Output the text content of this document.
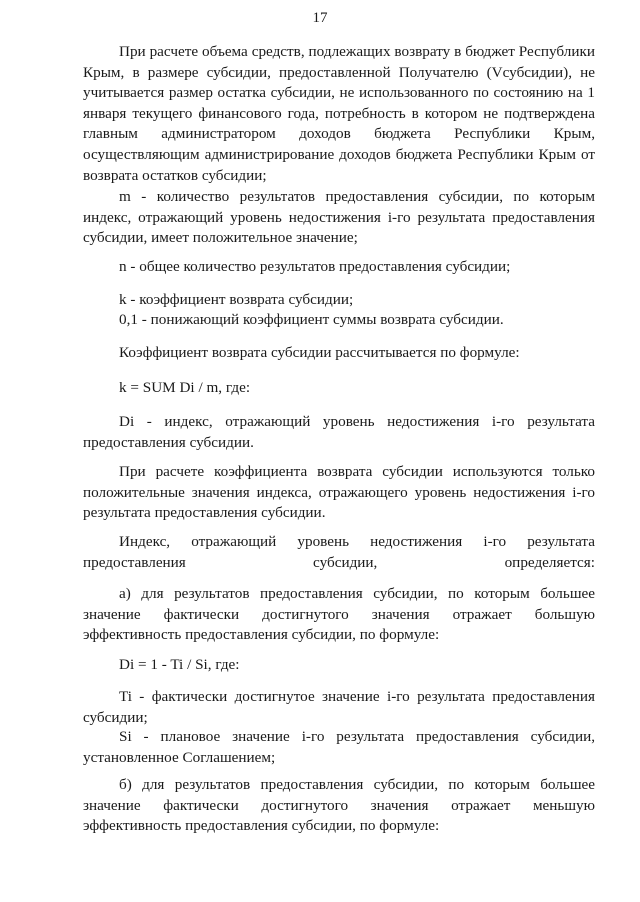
17
При расчете объема средств, подлежащих возврату в бюджет Республики Крым, в размере субсидии, предоставленной Получателю (Vсубсидии), не учитывается размер остатка субсидии, не использованного по состоянию на 1 января текущего финансового года, потребность в котором не подтверждена главным администратором доходов бюджета Республики Крым, осуществляющим администрирование доходов бюджета Республики Крым от возврата остатков субсидии;
m - количество результатов предоставления субсидии, по которым индекс, отражающий уровень недостижения i-го результата предоставления субсидии, имеет положительное значение;
n - общее количество результатов предоставления субсидии;
k - коэффициент возврата субсидии;
0,1 - понижающий коэффициент суммы возврата субсидии.
Коэффициент возврата субсидии рассчитывается по формуле:
k = SUM Di / m, где:
Di - индекс, отражающий уровень недостижения i-го результата предоставления субсидии.
При расчете коэффициента возврата субсидии используются только положительные значения индекса, отражающего уровень недостижения i-го результата предоставления субсидии.
Индекс, отражающий уровень недостижения i-го результата предоставления субсидии, определяется:
а) для результатов предоставления субсидии, по которым большее значение фактически достигнутого значения отражает большую эффективность предоставления субсидии, по формуле:
Di = 1 - Ti / Si, где:
Ti - фактически достигнутое значение i-го результата предоставления субсидии;
Si - плановое значение i-го результата предоставления субсидии, установленное Соглашением;
б) для результатов предоставления субсидии, по которым большее значение фактически достигнутого значения отражает меньшую эффективность предоставления субсидии, по формуле:
